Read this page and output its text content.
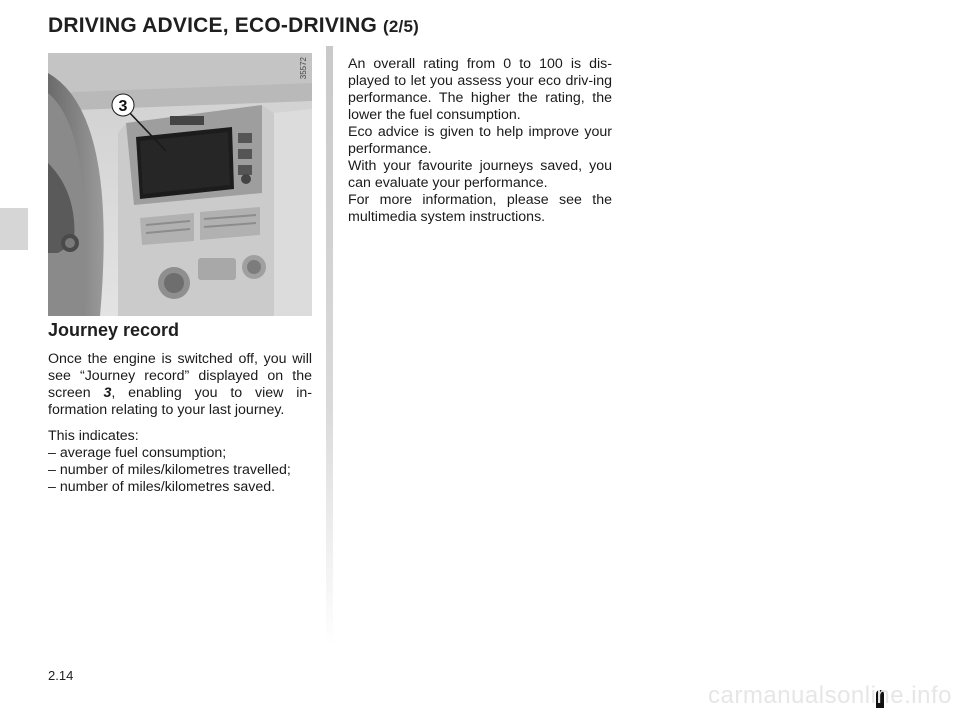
DRIVING ADVICE, ECO-DRIVING (2/5)
3
35572
Journey record

Once the engine is switched off, you will see “Journey record” displayed on the screen 3, enabling you to view in-formation relating to your last journey.

This indicates:

– average fuel consumption;
– number of miles/kilometres travelled;
– number of miles/kilometres saved.

An overall rating from 0 to 100 is dis-played to let you assess your eco driv-ing performance. The higher the rating, the lower the fuel consumption.

Eco advice is given to help improve your performance.

With your favourite journeys saved, you can evaluate your performance.

For more information, please see the multimedia system instructions.

2.14
carmanualsonline.info
